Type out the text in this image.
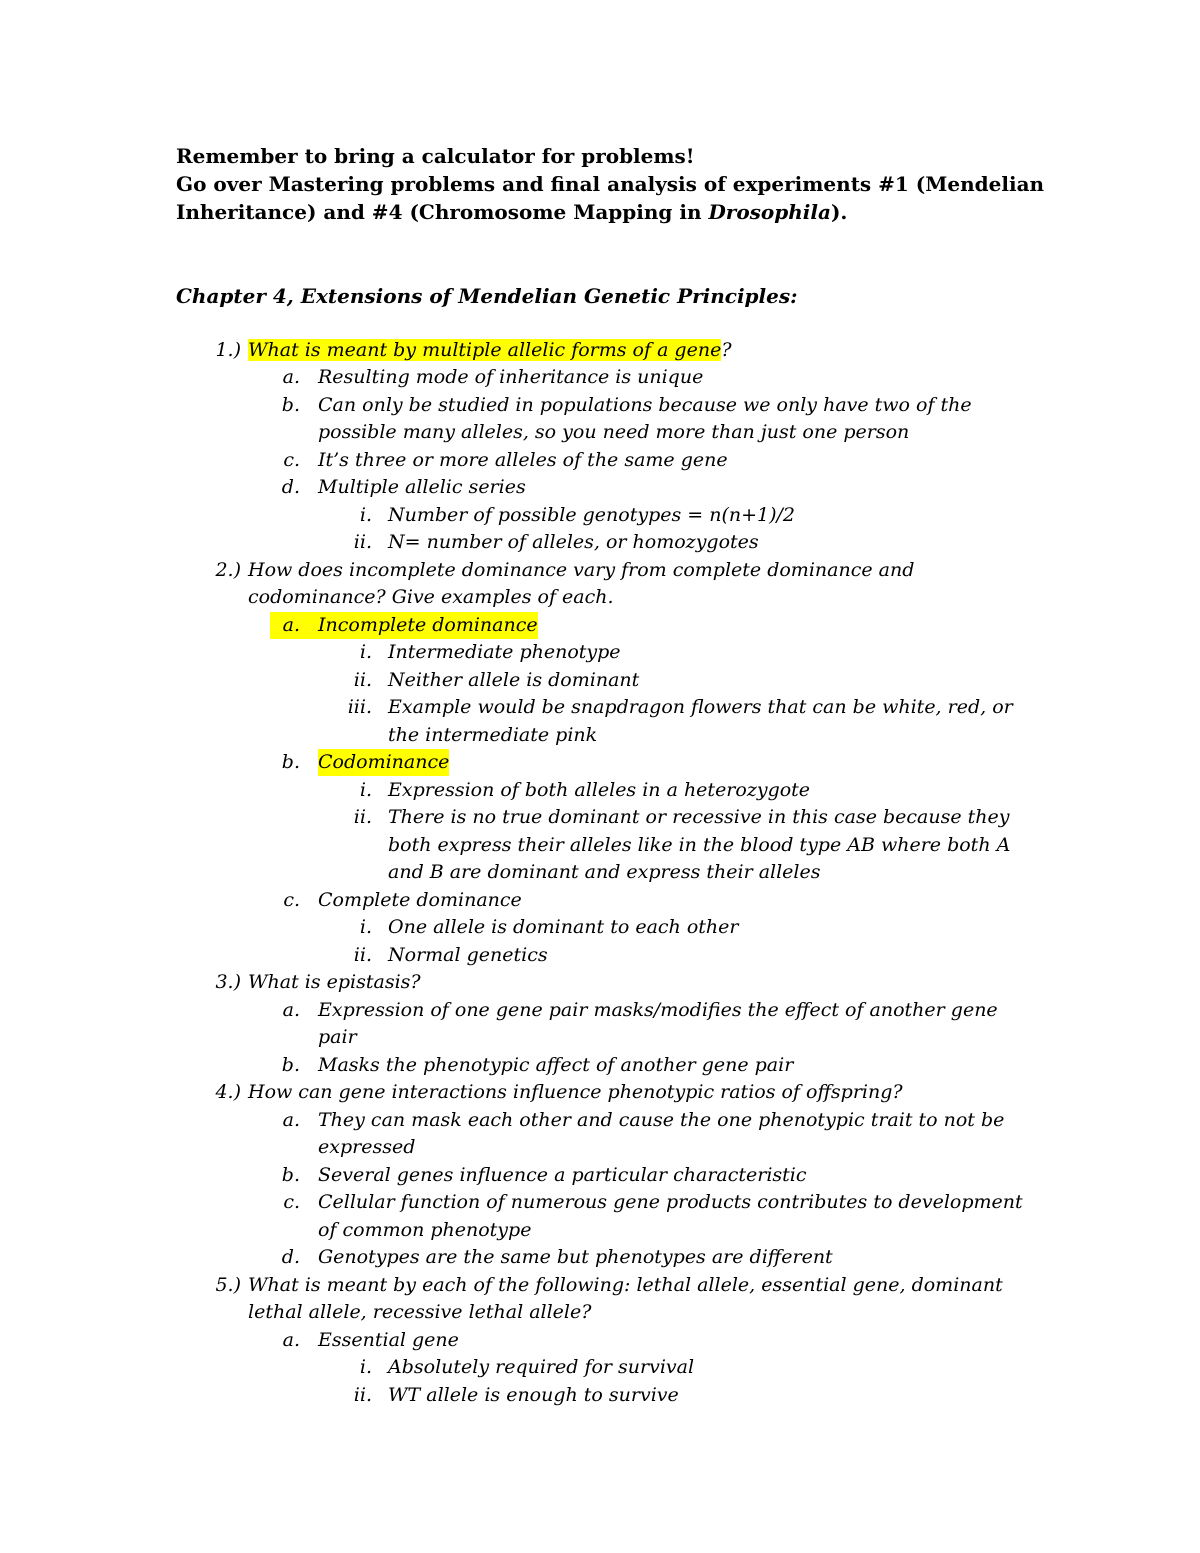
Remember to bring a calculator for problems!
Go over Mastering problems and final analysis of experiments #1 (Mendelian
Inheritance) and #4 (Chromosome Mapping in Drosophila).
Chapter 4, Extensions of Mendelian Genetic Principles:
1.) What is meant by multiple allelic forms of a gene?
a. Resulting mode of inheritance is unique
b. Can only be studied in populations because we only have two of the
possible many alleles, so you need more than just one person
c. It’s three or more alleles of the same gene
d. Multiple allelic series
i. Number of possible genotypes = n(n+1)/2
ii. N= number of alleles, or homozygotes
2.) How does incomplete dominance vary from complete dominance and
codominance? Give examples of each.
a.
Incomplete dominance
i. Intermediate phenotype
ii. Neither allele is dominant
iii. Example would be snapdragon flowers that can be white, red, or
the intermediate pink
b. Codominance
i. Expression of both alleles in a heterozygote
ii. There is no true dominant or recessive in this case because they
both express their alleles like in the blood type AB where both A
and B are dominant and express their alleles
c. Complete dominance
i. One allele is dominant to each other
ii. Normal genetics
3.) What is epistasis?
a. Expression of one gene pair masks/modifies the effect of another gene
pair
b. Masks the phenotypic affect of another gene pair
4.) How can gene interactions influence phenotypic ratios of offspring?
a. They can mask each other and cause the one phenotypic trait to not be
expressed
b. Several genes influence a particular characteristic
c. Cellular function of numerous gene products contributes to development
of common phenotype
d. Genotypes are the same but phenotypes are different
5.) What is meant by each of the following: lethal allele, essential gene, dominant
lethal allele, recessive lethal allele?
a. Essential gene
i. Absolutely required for survival
ii. WT allele is enough to survive
